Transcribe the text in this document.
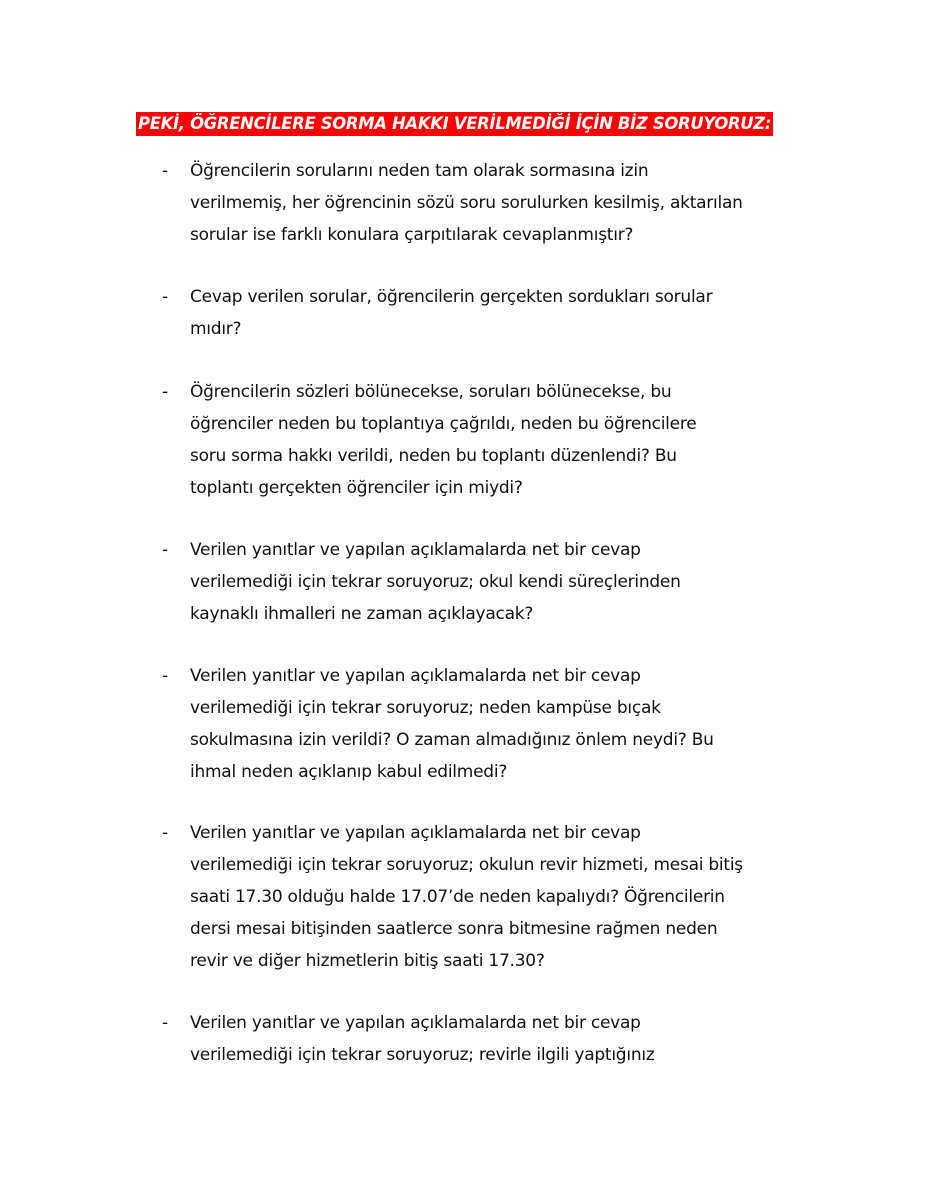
PEKİ, ÖĞRENCİLERE SORMA HAKKI VERİLMEDİĞİ İÇİN BİZ SORUYORUZ:
- Öğrencilerin sorularını neden tam olarak sormasına izin
verilmemiş, her öğrencinin sözü soru sorulurken kesilmiş, aktarılan
sorular ise farklı konulara çarpıtılarak cevaplanmıştır?
- Cevap verilen sorular, öğrencilerin gerçekten sordukları sorular
mıdır?
- Öğrencilerin sözleri bölünecekse, soruları bölünecekse, bu
öğrenciler neden bu toplantıya çağrıldı, neden bu öğrencilere
soru sorma hakkı verildi, neden bu toplantı düzenlendi? Bu
toplantı gerçekten öğrenciler için miydi?
- Verilen yanıtlar ve yapılan açıklamalarda net bir cevap
verilemediği için tekrar soruyoruz; okul kendi süreçlerinden
kaynaklı ihmalleri ne zaman açıklayacak?
- Verilen yanıtlar ve yapılan açıklamalarda net bir cevap
verilemediği için tekrar soruyoruz; neden kampüse bıçak
sokulmasına izin verildi? O zaman almadığınız önlem neydi? Bu
ihmal neden açıklanıp kabul edilmedi?
- Verilen yanıtlar ve yapılan açıklamalarda net bir cevap
verilemediği için tekrar soruyoruz; okulun revir hizmeti, mesai bitiş
saati 17.30 olduğu halde 17.07’de neden kapalıydı? Öğrencilerin
dersi mesai bitişinden saatlerce sonra bitmesine rağmen neden
revir ve diğer hizmetlerin bitiş saati 17.30?
- Verilen yanıtlar ve yapılan açıklamalarda net bir cevap
verilemediği için tekrar soruyoruz; revirle ilgili yaptığınız
